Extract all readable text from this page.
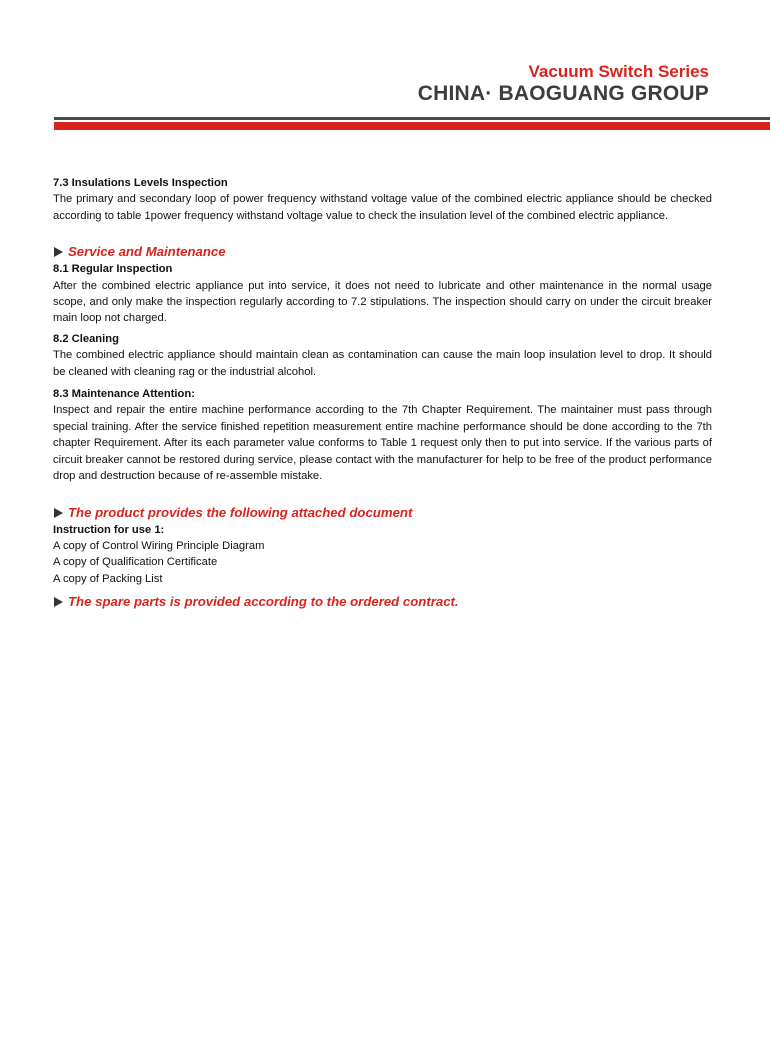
Vacuum Switch Series
CHINA· BAOGUANG GROUP

7.3 Insulations Levels Inspection

The primary and secondary loop of power frequency withstand voltage value of the combined electric appliance should be checked according to table 1power frequency withstand voltage value to check the insulation level of the combined electric appliance.

Service and Maintenance

8.1 Regular Inspection

After the combined electric appliance put into service, it does not need to lubricate and other maintenance in the normal usage scope, and only make the inspection regularly according to 7.2 stipulations. The inspection should carry on under the circuit breaker main loop not charged.

8.2 Cleaning

The combined electric appliance should maintain clean as contamination can cause the main loop insulation level to drop. It should be cleaned with cleaning rag or the industrial alcohol.

8.3 Maintenance Attention:

Inspect and repair the entire machine performance according to the 7th Chapter Requirement. The maintainer must pass through special training. After the service finished repetition measurement entire machine performance should be done according to the 7th chapter Requirement. After its each parameter value conforms to Table 1 request only then to put into service. If the various parts of circuit breaker cannot be restored during service, please contact with the manufacturer for help to be free of the product performance drop and destruction because of re-assemble mistake.

The product provides the following attached document

Instruction for use 1:

A copy of Control Wiring Principle Diagram

A copy of Qualification Certificate

A copy of Packing List

The spare parts is provided according to the ordered contract.
